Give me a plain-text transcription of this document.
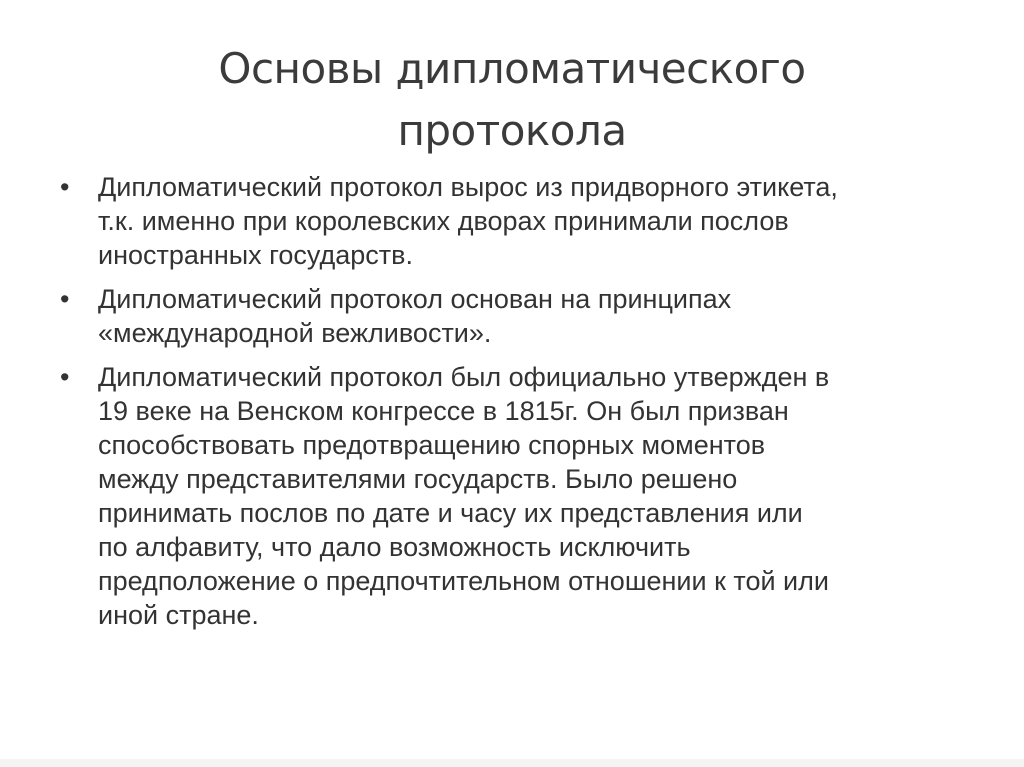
Основы дипломатического
протокола
•	Дипломатический протокол вырос из придворного этикета,
т.к. именно при королевских дворах принимали послов
иностранных государств.
•	Дипломатический протокол основан на принципах
«международной вежливости».
•	Дипломатический протокол был официально утвержден в
19 веке на Венском конгрессе в 1815г. Он был призван
способствовать предотвращению спорных моментов
между представителями государств. Было решено
принимать послов по дате и часу их представления или
по алфавиту, что дало возможность исключить
предположение о предпочтительном отношении к той или
иной стране.
